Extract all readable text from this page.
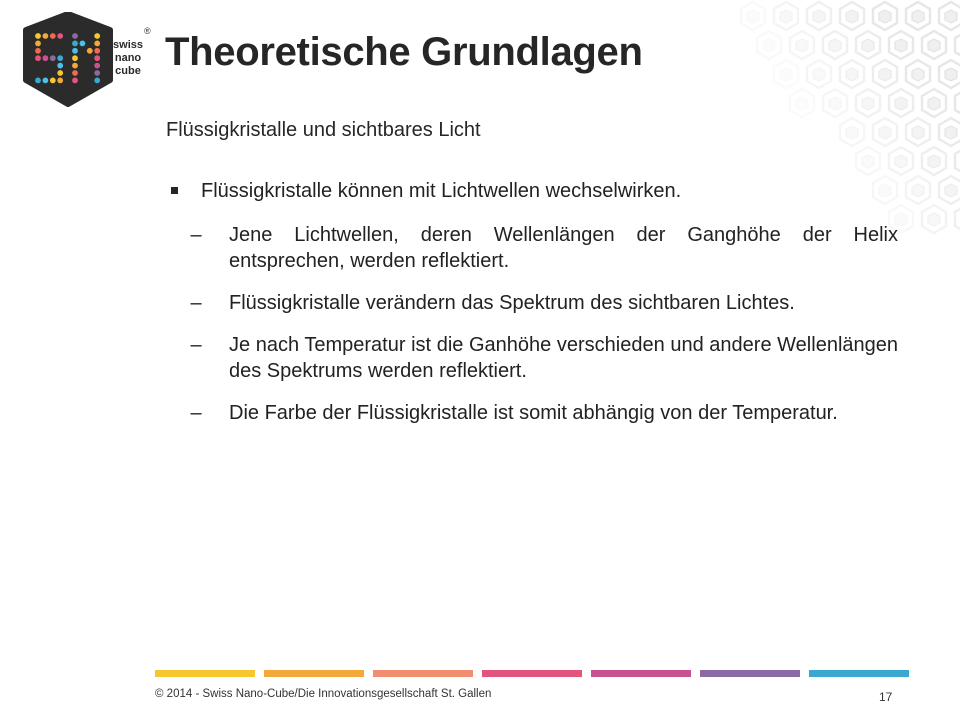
swiss
nano
cube
® Theoretische Grundlagen
Flüssigkristalle und sichtbares Licht
Flüssigkristalle können mit Lichtwellen wechselwirken.
– Jene Lichtwellen, deren Wellenlängen der Ganghöhe der Helix entsprechen, werden reflektiert.
– Flüssigkristalle verändern das Spektrum des sichtbaren Lichtes.
– Je nach Temperatur ist die Ganhöhe verschieden und andere Wellenlängen des Spektrums werden reflektiert.
– Die Farbe der Flüssigkristalle ist somit abhängig von der Temperatur.
© 2014 - Swiss Nano-Cube/Die Innovationsgesellschaft St. Gallen	17
